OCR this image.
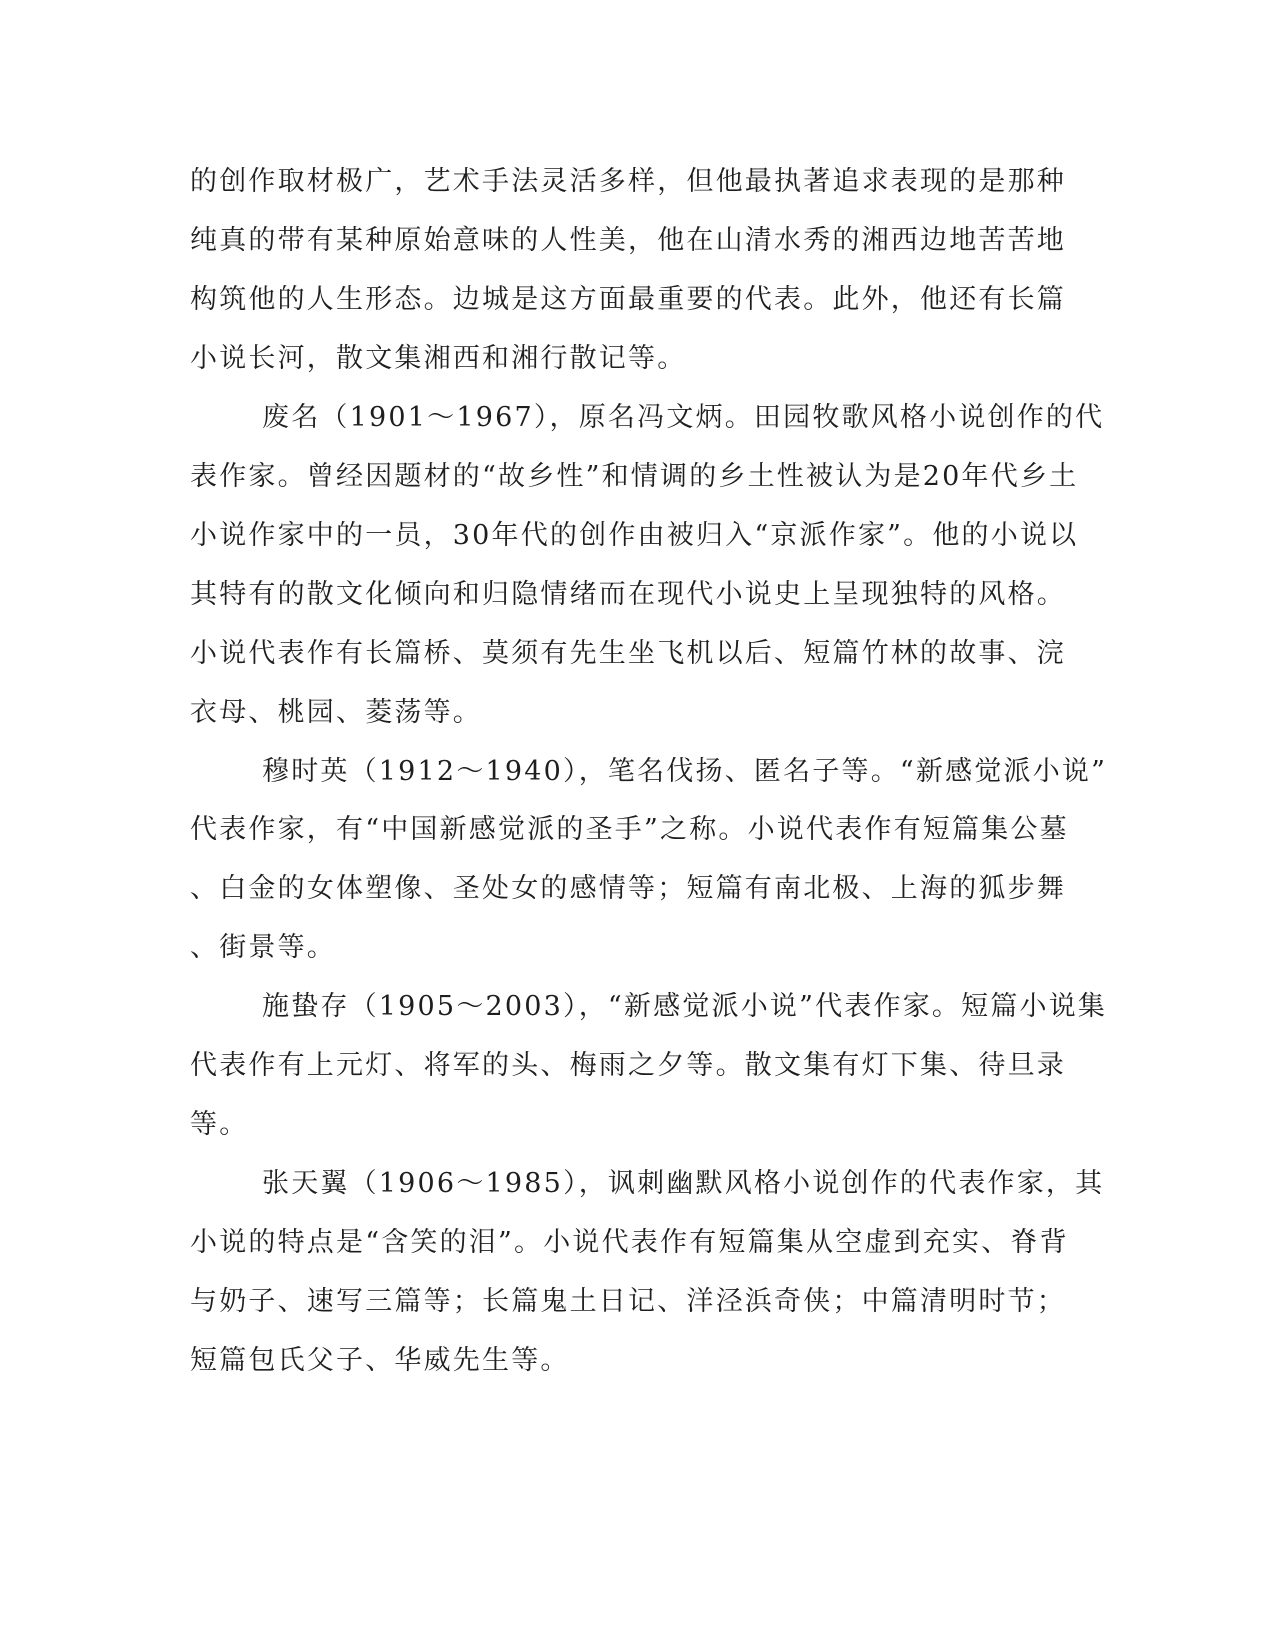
的创作取材极广，艺术手法灵活多样，但他最执著追求表现的是那种
纯真的带有某种原始意味的人性美，他在山清水秀的湘西边地苦苦地
构筑他的人生形态。边城是这方面最重要的代表。此外，他还有长篇
小说长河，散文集湘西和湘行散记等。
废名（1901～1967），原名冯文炳。田园牧歌风格小说创作的代
表作家。曾经因题材的“故乡性”和情调的乡土性被认为是20年代乡土
小说作家中的一员，30年代的创作由被归入“京派作家”。他的小说以
其特有的散文化倾向和归隐情绪而在现代小说史上呈现独特的风格。
小说代表作有长篇桥、莫须有先生坐飞机以后、短篇竹林的故事、浣
衣母、桃园、菱荡等。
穆时英（1912～1940），笔名伐扬、匿名子等。“新感觉派小说”
代表作家，有“中国新感觉派的圣手”之称。小说代表作有短篇集公墓
、白金的女体塑像、圣处女的感情等；短篇有南北极、上海的狐步舞
、街景等。
施蛰存（1905～2003），“新感觉派小说”代表作家。短篇小说集
代表作有上元灯、将军的头、梅雨之夕等。散文集有灯下集、待旦录
等。
张天翼（1906～1985），讽刺幽默风格小说创作的代表作家，其
小说的特点是“含笑的泪”。小说代表作有短篇集从空虚到充实、脊背
与奶子、速写三篇等；长篇鬼土日记、洋泾浜奇侠；中篇清明时节；
短篇包氏父子、华威先生等。
